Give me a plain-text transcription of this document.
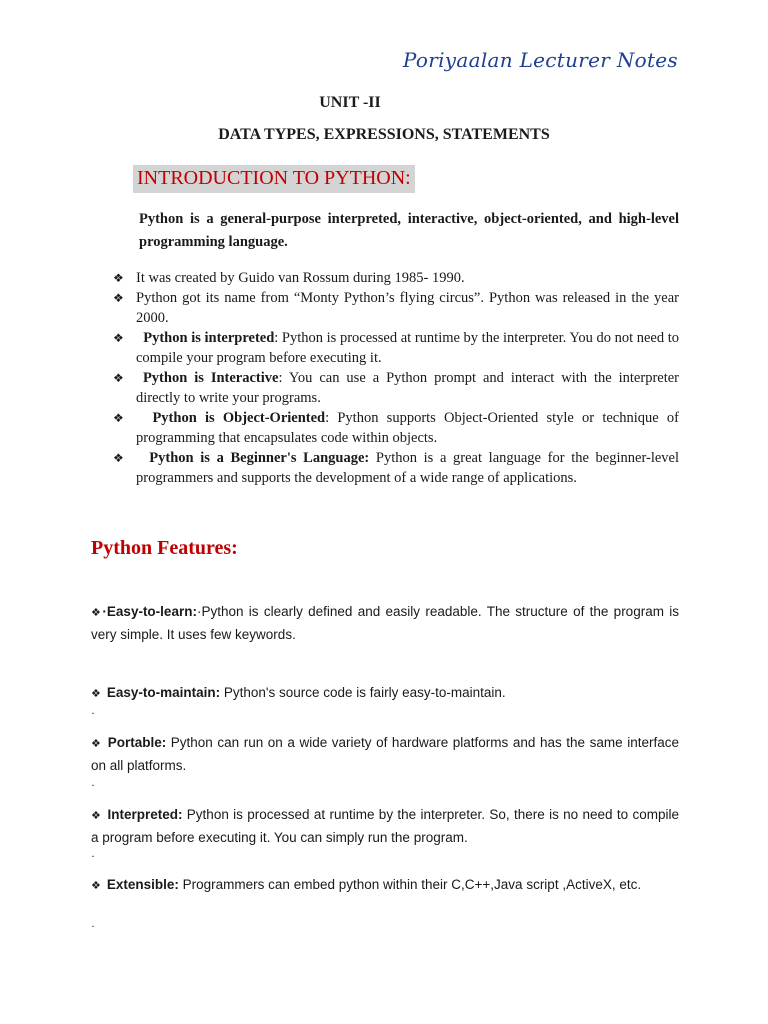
Poriyaalan Lecturer Notes
UNIT -II
DATA TYPES, EXPRESSIONS, STATEMENTS
INTRODUCTION TO PYTHON:
Python is a general-purpose interpreted, interactive, object-oriented, and high-level programming language.
❖ It was created by Guido van Rossum during 1985- 1990.
❖ Python got its name from “Monty Python’s flying circus”. Python was released in the year 2000.
❖ Python is interpreted: Python is processed at runtime by the interpreter. You do not need to compile your program before executing it.
❖ Python is Interactive: You can use a Python prompt and interact with the interpreter directly to write your programs.
❖ Python is Object-Oriented: Python supports Object-Oriented style or technique of programming that encapsulates code within objects.
❖ Python is a Beginner's Language: Python is a great language for the beginner-level programmers and supports the development of a wide range of applications.
Python Features:
❖·Easy-to-learn:·Python is clearly defined and easily readable. The structure of the program is very simple. It uses few keywords.
❖ Easy-to-maintain: Python's source code is fairly easy-to-maintain.
·
❖ Portable: Python can run on a wide variety of hardware platforms and has the same interface on all platforms.
·
❖ Interpreted: Python is processed at runtime by the interpreter. So, there is no need to compile a program before executing it. You can simply run the program.
·
❖ Extensible: Programmers can embed python within their C,C++,Java script ,ActiveX, etc.
·
